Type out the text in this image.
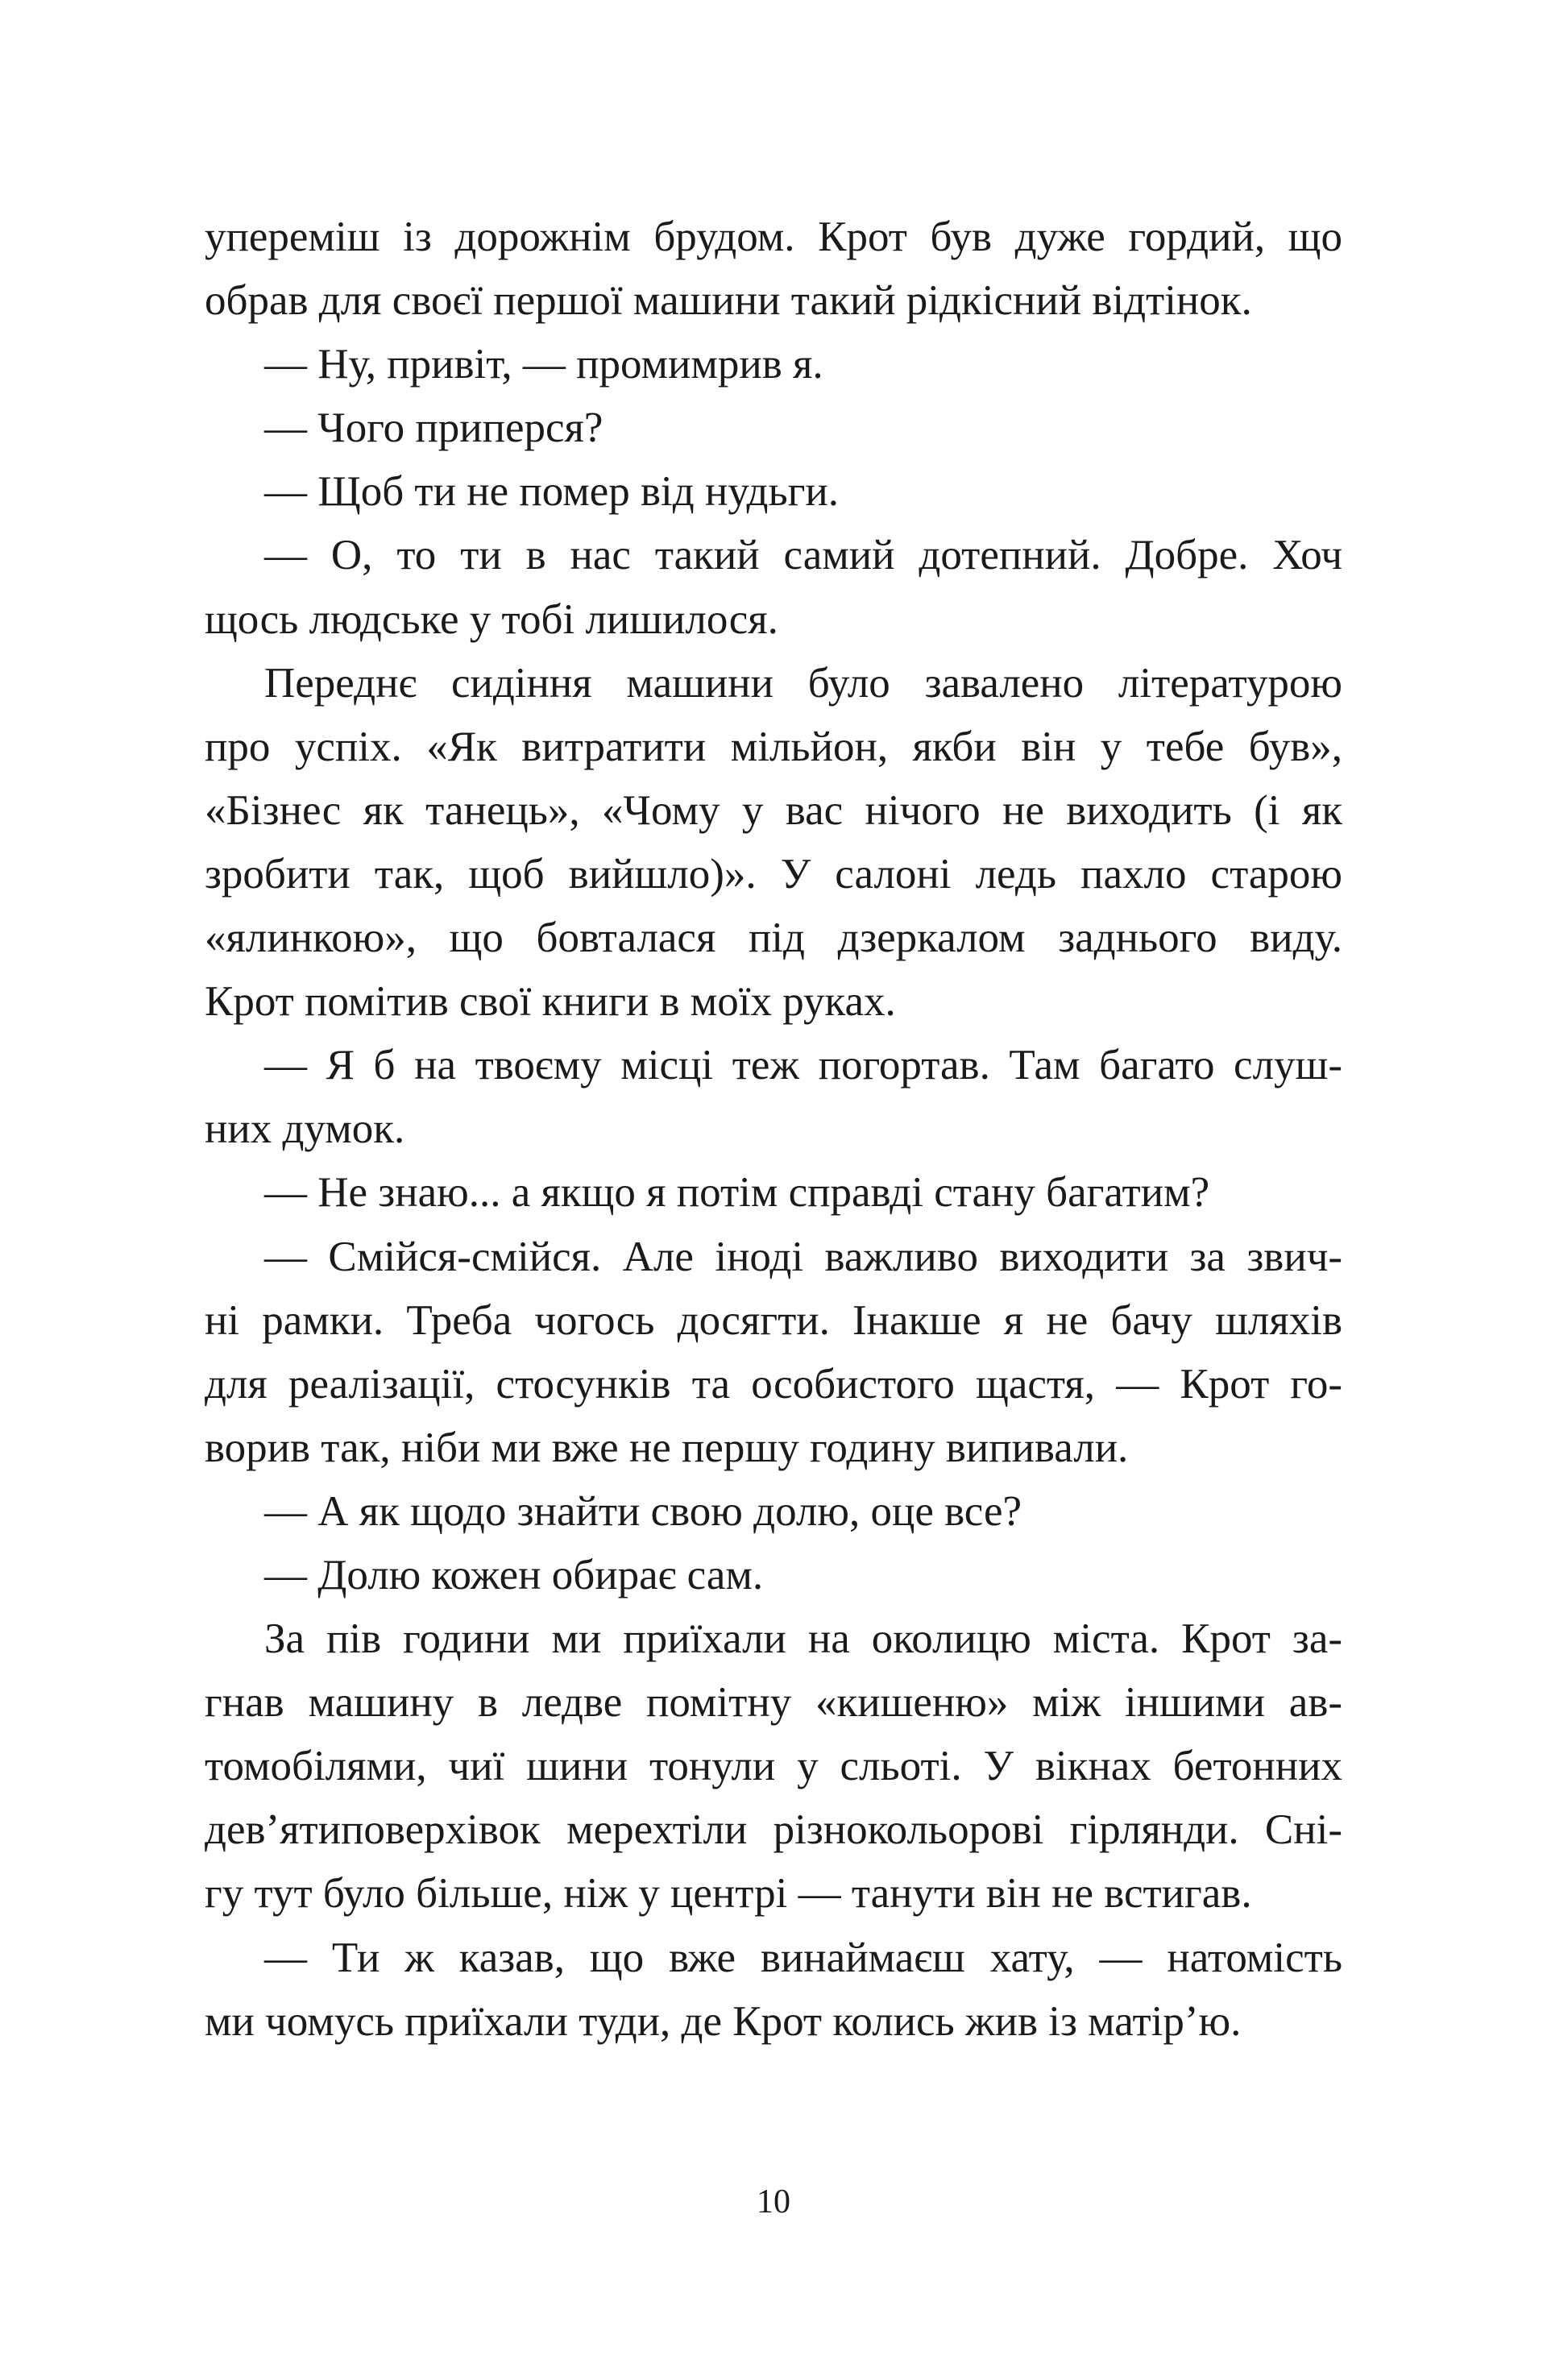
упереміш із дорожнім брудом. Крот був дуже гордий, що
обрав для своєї першої машини такий рідкісний відтінок.
— Ну, привіт, — промимрив я.
— Чого приперся?
— Щоб ти не помер від нудьги.
— О, то ти в нас такий самий дотепний. Добре. Хоч
щось людське у тобі лишилося.
Переднє сидіння машини було завалено літературою
про успіх. «Як витратити мільйон, якби він у тебе був»,
«Бізнес як танець», «Чому у вас нічого не виходить (і як
зробити так, щоб вийшло)». У салоні ледь пахло старою
«ялинкою», що бовталася під дзеркалом заднього виду.
Крот помітив свої книги в моїх руках.
— Я б на твоєму місці теж погортав. Там багато слуш-
них думок.
— Не знаю... а якщо я потім справді стану багатим?
— Смійся-смійся. Але іноді важливо виходити за звич-
ні рамки. Треба чогось досягти. Інакше я не бачу шляхів
для реалізації, стосунків та особистого щастя, — Крот го-
ворив так, ніби ми вже не першу годину випивали.
— А як щодо знайти свою долю, оце все?
— Долю кожен обирає сам.
За пів години ми приїхали на околицю міста. Крот за-
гнав машину в ледве помітну «кишеню» між іншими ав-
томобілями, чиї шини тонули у сльоті. У вікнах бетонних
дев’ятиповерхівок мерехтіли різнокольорові гірлянди. Сні-
гу тут було більше, ніж у центрі — танути він не встигав.
— Ти ж казав, що вже винаймаєш хату, — натомість
ми чомусь приїхали туди, де Крот колись жив із матір’ю.
10
